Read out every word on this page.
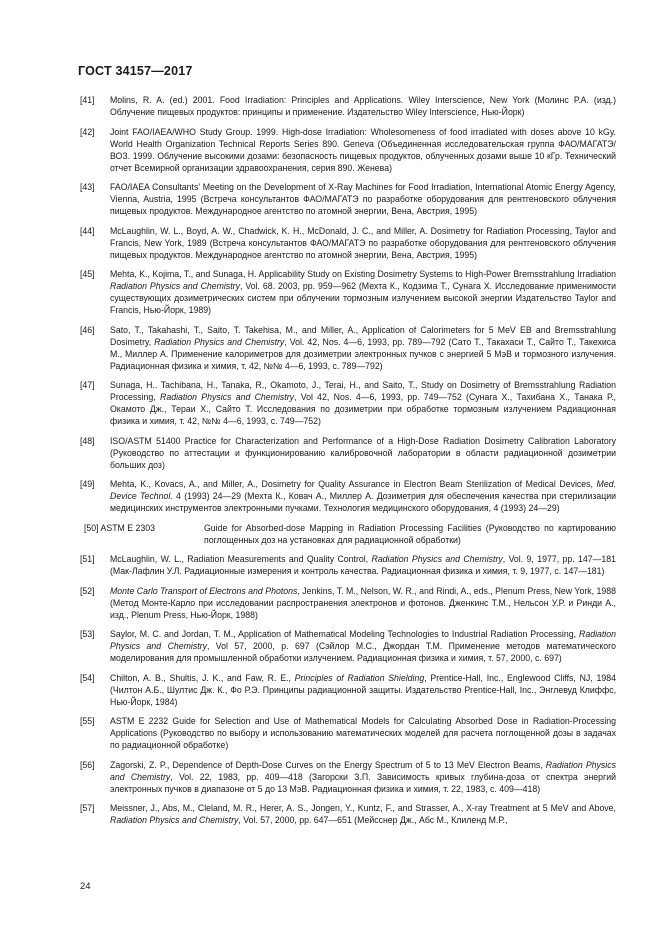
ГОСТ 34157—2017
[41]	Molins, R. A. (ed.) 2001. Food Irradiation: Principles and Applications. Wiley Interscience, New York (Молинс Р.А. (изд.) Облучение пищевых продуктов: принципы и применение. Издательство Wiley Interscience, Нью-Йорк)
[42]	Joint FAO/IAEA/WHO Study Group. 1999. High-dose Irradiation: Wholesomeness of food irradiated with doses above 10 kGy. World Health Organization Technical Reports Series 890. Geneva (Объединенная исследовательская группа ФАО/МАГАТЭ/ВОЗ. 1999. Облучение высокими дозами: безопасность пищевых продуктов, облученных дозами выше 10 кГр. Технический отчет Всемирной организации здравоохранения, серия 890. Женева)
[43]	FAO/IAEA Consultants' Meeting on the Development of X-Ray Machines for Food Irradiation, International Atomic Energy Agency, Vienna, Austria, 1995 (Встреча консультантов ФАО/МАГАТЭ по разработке оборудования для рентгеновского облучения пищевых продуктов. Международное агентство по атомной энергии, Вена, Австрия, 1995)
[44]	McLaughlin, W. L., Boyd, A. W., Chadwick, K. H., McDonald, J. C., and Miller, A. Dosimetry for Radiation Processing, Taylor and Francis, New York, 1989 (Встреча консультантов ФАО/МАГАТЭ по разработке оборудования для рентгеновского облучения пищевых продуктов. Международное агентство по атомной энергии, Вена, Австрия, 1995)
[45]	Mehta, K., Kojima, T., and Sunaga, H. Applicability Study on Existing Dosimetry Systems to High-Power Bremsstrahlung Irradiation Radiation Physics and Chemistry, Vol. 68. 2003, pp. 959—962 (Мехта К., Кодзима Т., Сунага Х. Исследование применимости существующих дозиметрических систем при облучении тормозным излучением высокой энергии Издательство Taylor and Francis, Нью-Йорк, 1989)
[46]	Sato, T., Takahashi, T., Saito, T. Takehisa, M., and Miller, A., Application of Calorimeters for 5 MeV EB and Bremsstrahlung Dosimetry, Radiation Physics and Chemistry, Vol. 42, Nos. 4—6, 1993, pp. 789—792 (Сато Т., Такахаси Т., Сайто Т., Такехиса М., Миллер А. Применение калориметров для дозиметрии электронных пучков с энергией 5 МэВ и тормозного излучения. Радиационная физика и химия, т. 42, №№ 4—6, 1993, с. 789—792)
[47]	Sunaga, H.. Tachibana, H., Tanaka, R., Okamoto, J., Terai, H., and Saito, T., Study on Dosimetry of Bremsstrahlung Radiation Processing, Radiation Physics and Chemistry, Vol 42, Nos. 4—6, 1993, pp. 749—752 (Сунага Х., Тахибана Х., Танака Р., Окамото Дж., Тераи Х., Сайто Т. Исследования по дозиметрии при обработке тормозным излучением Радиационная физика и химия, т. 42, №№ 4—6, 1993, с. 749—752)
[48]	ISO/ASTM 51400 Practice for Characterization and Performance of a High-Dose Radiation Dosimetry Calibration Laboratory (Руководство по аттестации и функционированию калибровочной лаборатории в области радиационной дозиметрии больших доз)
[49]	Mehta, K., Kovacs, A., and Miller, A., Dosimetry for Quality Assurance in Electron Beam Sterilization of Medical Devices, Med. Device Technol. 4 (1993) 24—29 (Мехта К., Ковач А., Миллер А. Дозиметрия для обеспечения качества при стерилизации медицинских инструментов электронными пучками. Технология медицинского оборудования, 4 (1993) 24—29)
[50] ASTM E 2303	Guide for Absorbed-dose Mapping in Radiation Processing Facilities (Руководство по картированию поглощенных доз на установках для радиационной обработки)
[51]	McLaughlin, W. L., Radiation Measurements and Quality Control, Radiation Physics and Chemistry, Vol. 9, 1977, pp. 147—181 (Мак-Лафлин У.Л. Радиационные измерения и контроль качества. Радиационная физика и химия, т. 9, 1977, с. 147—181)
[52]	Monte Carlo Transport of Electrons and Photons, Jenkins, T. M., Nelson, W. R., and Rindi, A., eds., Plenum Press, New York, 1988 (Метод Монте-Карло при исследовании распространения электронов и фотонов. Дженкинс Т.М., Нельсон У.Р. и Ринди А., изд., Plenum Press, Нью-Йорк, 1988)
[53]	Saylor, M. C. and Jordan, T. M., Application of Mathematical Modeling Technologies to Industrial Radiation Processing, Radiation Physics and Chemistry, Vol 57, 2000, p. 697 (Сэйлор М.С., Джордан Т.М. Применение методов математического моделирования для промышленной обработки излучением. Радиационная физика и химия, т. 57, 2000, с. 697)
[54]	Chilton, A. B., Shultis, J. K., and Faw, R. E., Principles of Radiation Shielding, Prentice-Hall, Inc., Englewood Cliffs, NJ, 1984 (Чилтон А.Б., Шултис Дж. К., Фо Р.Э. Принципы радиационной защиты. Издательство Prentice-Hall, Inc., Энглевуд Клиффс, Нью-Йорк, 1984)
[55]	ASTM E 2232 Guide for Selection and Use of Mathematical Models for Calculating Absorbed Dose in Radiation-Processing Applications (Руководство по выбору и использованию математических моделей для расчета поглощенной дозы в задачах по радиационной обработке)
[56]	Zagorski, Z. P., Dependence of Depth-Dose Curves on the Energy Spectrum of 5 to 13 MeV Electron Beams, Radiation Physics and Chemistry, Vol. 22, 1983, pp. 409—418 (Загорски З.П. Зависимость кривых глубина-доза от спектра энергий электронных пучков в диапазоне от 5 до 13 МэВ. Радиационная физика и химия, т. 22, 1983, с. 409—418)
[57]	Meissner, J., Abs, M., Cleland, M. R., Herer, A. S., Jongen, Y., Kuntz, F., and Strasser, A., X-ray Treatment at 5 MeV and Above, Radiation Physics and Chemistry, Vol. 57, 2000, pp. 647—651 (Мейсснер Дж., Абс М., Клиленд М.Р.,
24
